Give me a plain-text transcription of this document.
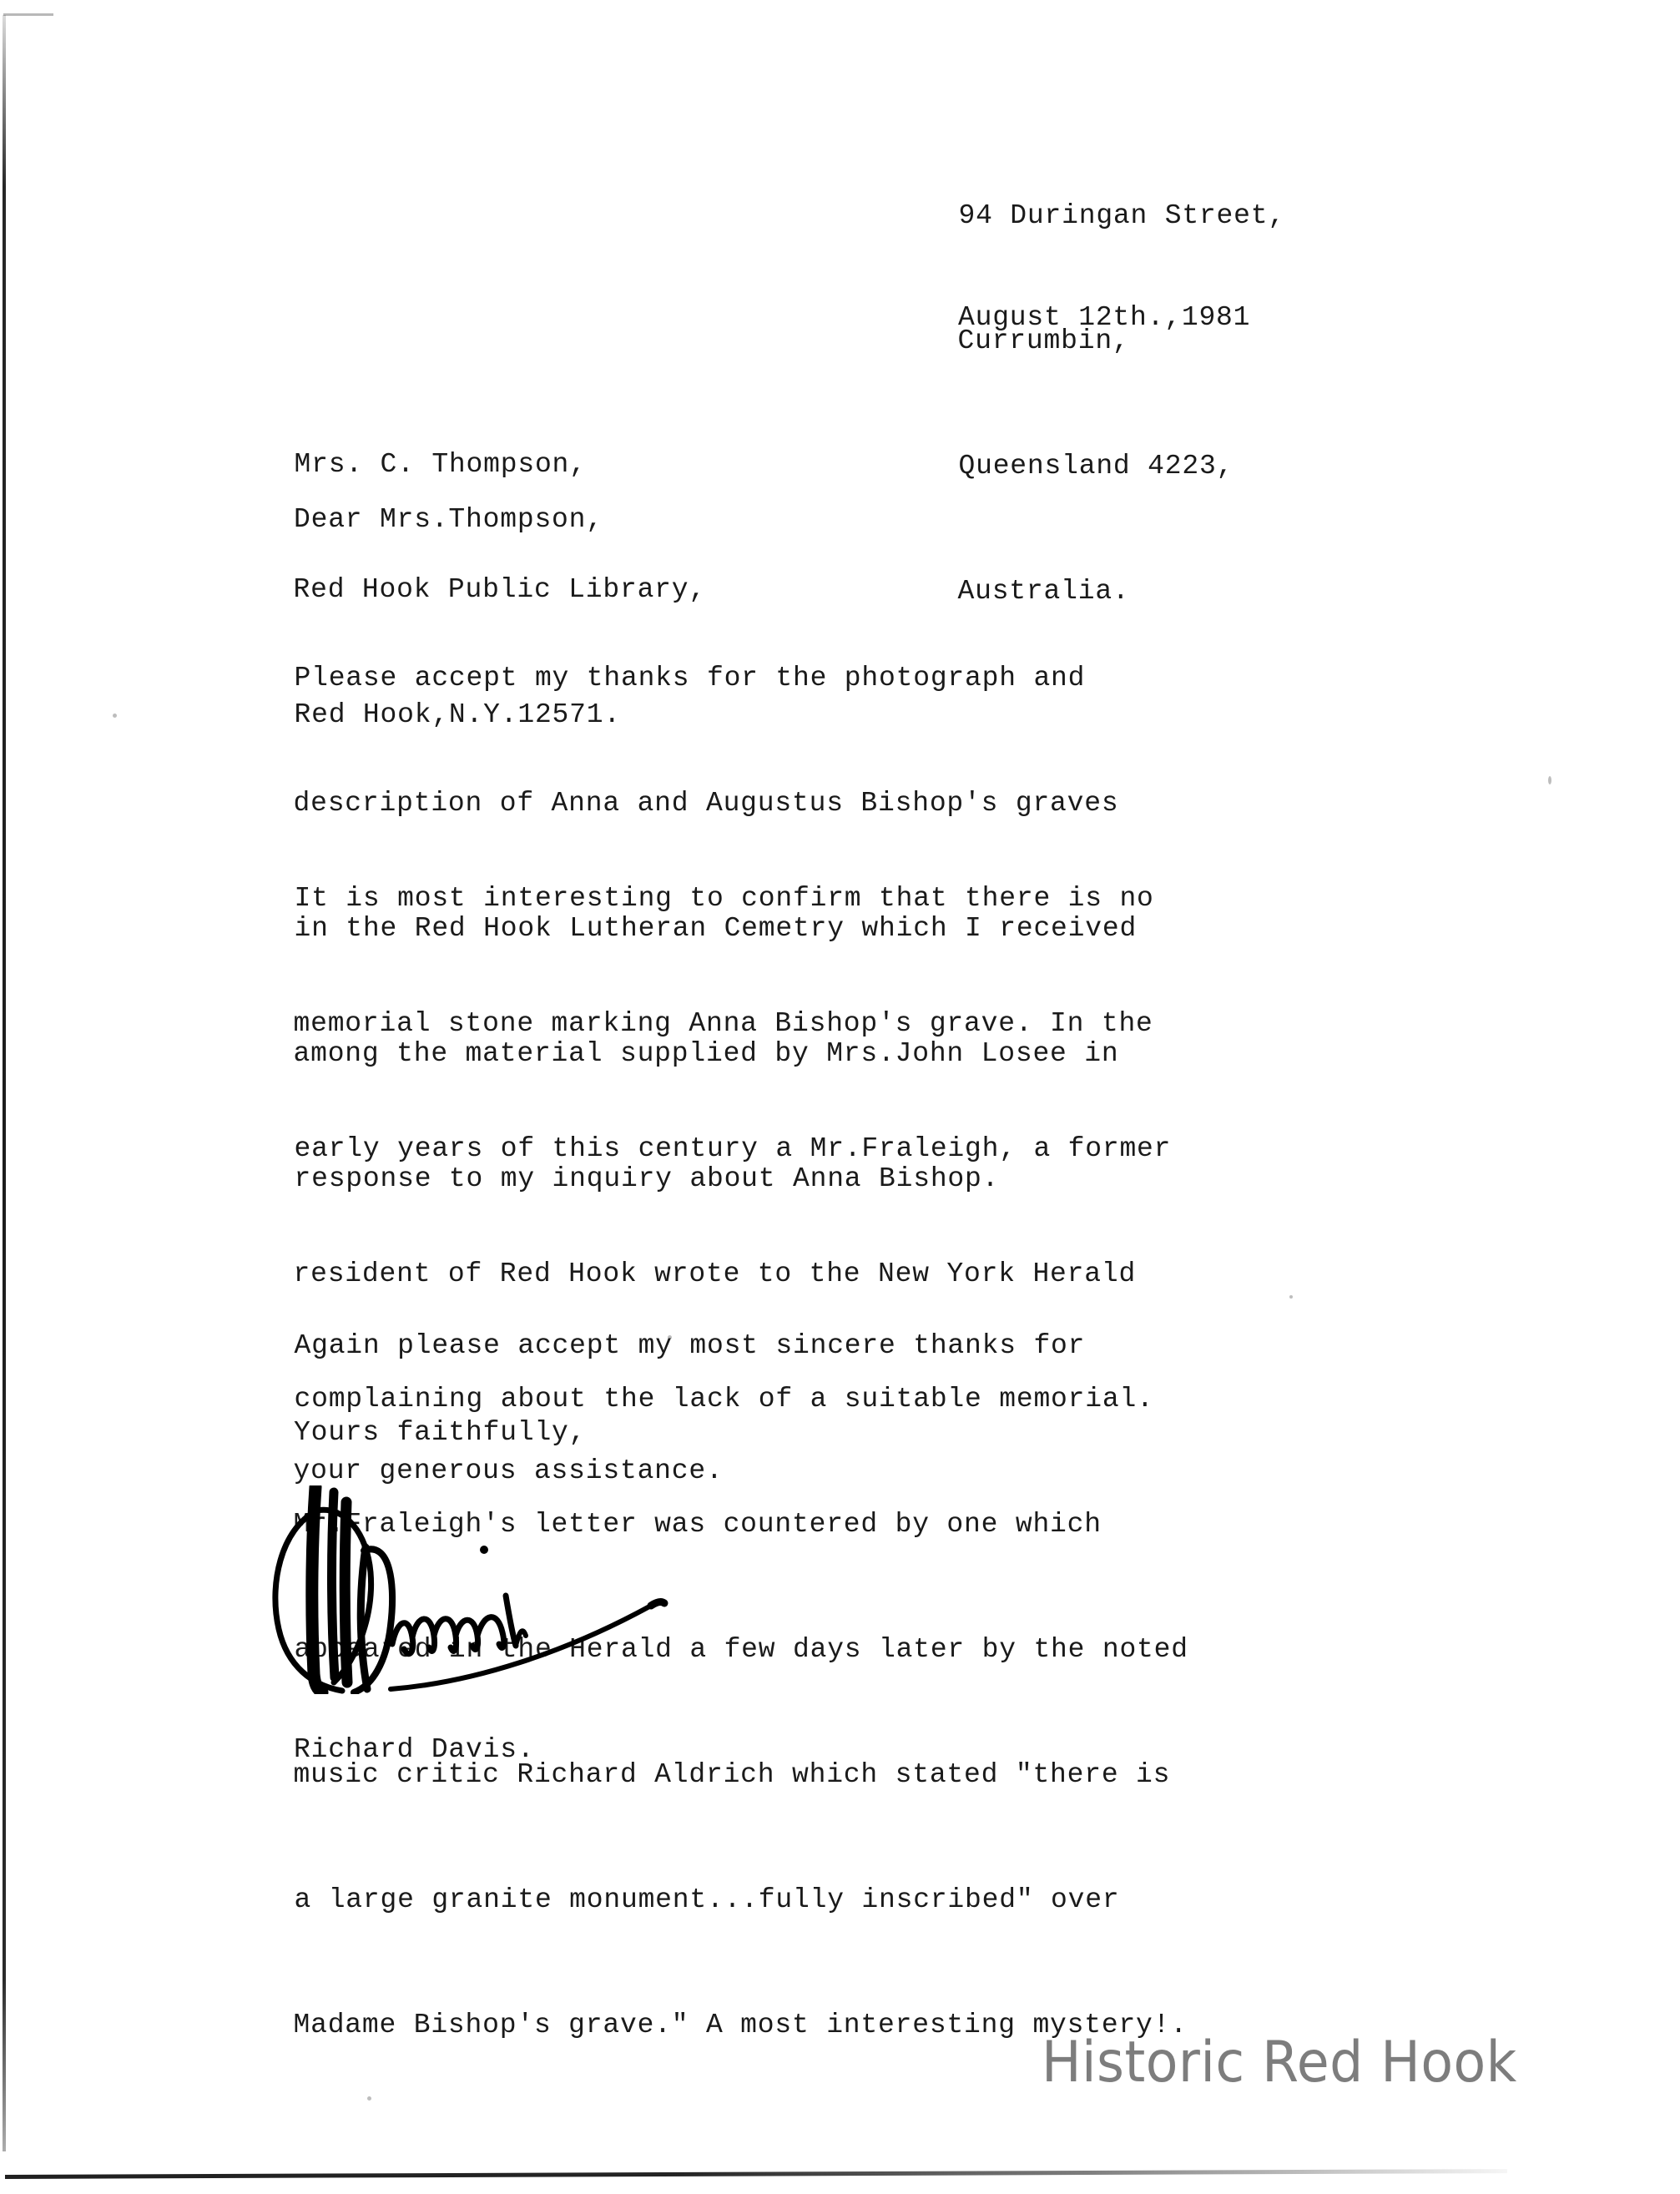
94 Duringan Street,

Currumbin,

Queensland 4223,

Australia.

August 12th.,1981

Mrs. C. Thompson,

Red Hook Public Library,

Red Hook,N.Y.12571.

Dear Mrs.Thompson,

Please accept my thanks for the photograph and

description of Anna and Augustus Bishop's graves

in the Red Hook Lutheran Cemetry which I received

among the material supplied by Mrs.John Losee in

response to my inquiry about Anna Bishop.

It is most interesting to confirm that there is no

memorial stone marking Anna Bishop's grave. In the

early years of this century a Mr.Fraleigh, a former

resident of Red Hook wrote to the New York Herald

complaining about the lack of a suitable memorial.

Mr.Fraleigh's letter was countered by one which

appeared in the Herald a few days later by the noted

music critic Richard Aldrich which stated "there is

a large granite monument...fully inscribed" over

Madame Bishop's grave." A most interesting mystery!.

Again please accept my most sincere thanks for

your generous assistance.

Yours faithfully,
Richard Davis.
Historic Red Hook
